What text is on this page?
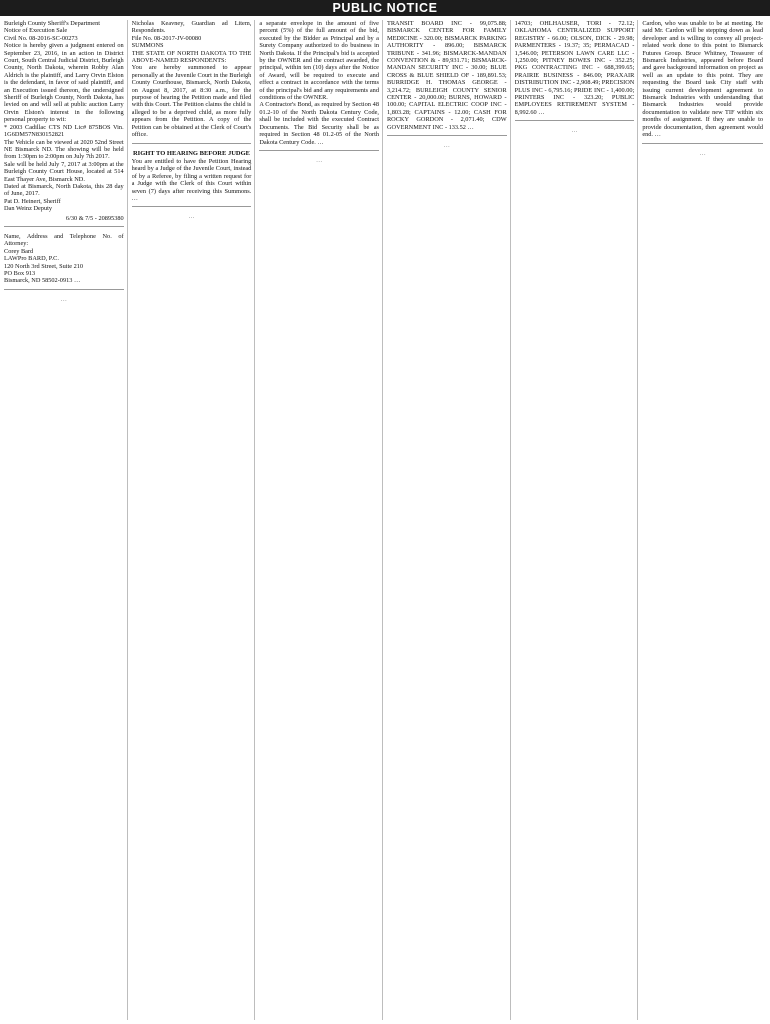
PUBLIC NOTICE
Burleigh County Sheriff's Department
Notice of Execution Sale
Civil No. 08-2016-SC-00273
Notice is hereby given a judgment entered on September 23, 2016, in an action in District Court, South Central Judicial District, Burleigh County, North Dakota, wherein Robby Alan Aldrich is the plaintiff, and Larry Orvin Elston is the defendant, in favor of said plaintiff, and an Execution issued thereon, the undersigned Sheriff of Burleigh County, North Dakota, has levied on and will sell at public auction Larry Orvin Elston's interest in the following personal property to wit:
* 2003 Cadillac CTS ND Lic# 875BOS Vin. 1G6DM57N830152821
The Vehicle can be viewed at 2020 52nd Street NE Bismarck ND. The showing will be held from 1:30pm to 2:00pm on July 7th 2017.
Sale will be held July 7, 2017 at 3:00pm at the Burleigh County Court House, located at 514 East Thayer Ave, Bismarck ND.
Dated at Bismarck, North Dakota, this 28 day of June, 2017.
Pat D. Heinert, Sheriff
Dan Weinz Deputy
6/30 & 7/5 - 20895380
Name, Address and Telephone No. of Attorney:
Corey Bard
LAWPro BARD, P.C.
120 North 3rd Street, Suite 210
PO Box 913
Bismarck, ND 58502-0913 …
…
Nicholas Keavney, Guardian ad Litem, Respondents.
File No. 08-2017-JV-00080
SUMMONS
THE STATE OF NORTH DAKOTA TO THE ABOVE-NAMED RESPONDENTS:
You are hereby summoned to appear personally at the Juvenile Court in the Burleigh County Courthouse, Bismarck, North Dakota, on August 8, 2017, at 8:30 a.m., for the purpose of hearing the Petition made and filed with this Court. The Petition claims the child is alleged to be a deprived child, as more fully appears from the Petition. A copy of the Petition can be obtained at the Clerk of Court's office.
RIGHT TO HEARING BEFORE JUDGE
You are entitled to have the Petition Hearing heard by a Judge of the Juvenile Court, instead of by a Referee, by filing a written request for a Judge with the Clerk of this Court within seven (7) days after receiving this Summons. …
…
a separate envelope in the amount of five percent (5%) of the full amount of the bid, executed by the Bidder as Principal and by a Surety Company authorized to do business in North Dakota. If the Principal's bid is accepted by the OWNER and the contract awarded, the principal, within ten (10) days after the Notice of Award, will be required to execute and effect a contract in accordance with the terms of the principal's bid and any requirements and conditions of the OWNER.
A Contractor's Bond, as required by Section 48 01.2-10 of the North Dakota Century Code, shall be included with the executed Contract Documents. The Bid Security shall be as required in Section 48 01.2-05 of the North Dakota Century Code. …
…
TRANSIT BOARD INC - 99,075.88; BISMARCK CENTER FOR FAMILY MEDICINE - 320.00; BISMARCK PARKING AUTHORITY - 896.00; BISMARCK TRIBUNE - 341.96; BISMARCK-MANDAN CONVENTION & - 89,931.71; BISMARCK-MANDAN SECURITY INC - 30.00; BLUE CROSS & BLUE SHIELD OF - 189,891.53; BURRIDGE H. THOMAS GEORGE - 3,214.72; BURLEIGH COUNTY SENIOR CENTER - 20,000.00; BURNS, HOWARD - 100.00; CAPITAL ELECTRIC COOP INC - 1,803.28; CAPTAINS - 12.00; CASH FOR ROCKY GORDON - 2,071.40; CDW GOVERNMENT INC - 133.52 …
…
14703; OHLHAUSER, TORI - 72.12; OKLAHOMA CENTRALIZED SUPPORT REGISTRY - 66.00; OLSON, DICK - 29.98; PARMENTERS - 19.37; 35; PERMACAD - 1,546.00; PETERSON LAWN CARE LLC - 1,250.00; PITNEY BOWES INC - 352.25; PKG CONTRACTING INC - 688,399.65; PRAIRIE BUSINESS - 846.00; PRAXAIR DISTRIBUTION INC - 2,908.49; PRECISION PLUS INC - 6,795.16; PRIDE INC - 1,400.00; PRINTERS INC - 323.20; PUBLIC EMPLOYEES RETIREMENT SYSTEM - 8,992.60 …
…
Cardon, who was unable to be at meeting. He said Mr. Cardon will be stepping down as lead developer and is willing to convey all project-related work done to this point to Bismarck Futures Group. Bruce Whitney, Treasurer of Bismarck Industries, appeared before Board and gave background information on project as well as an update to this point. They are requesting the Board task City staff with issuing current development agreement to Bismarck Industries with understanding that Bismarck Industries would provide documentation to validate new TIF within six months of assignment. If they are unable to provide documentation, then agreement would end. …
…
